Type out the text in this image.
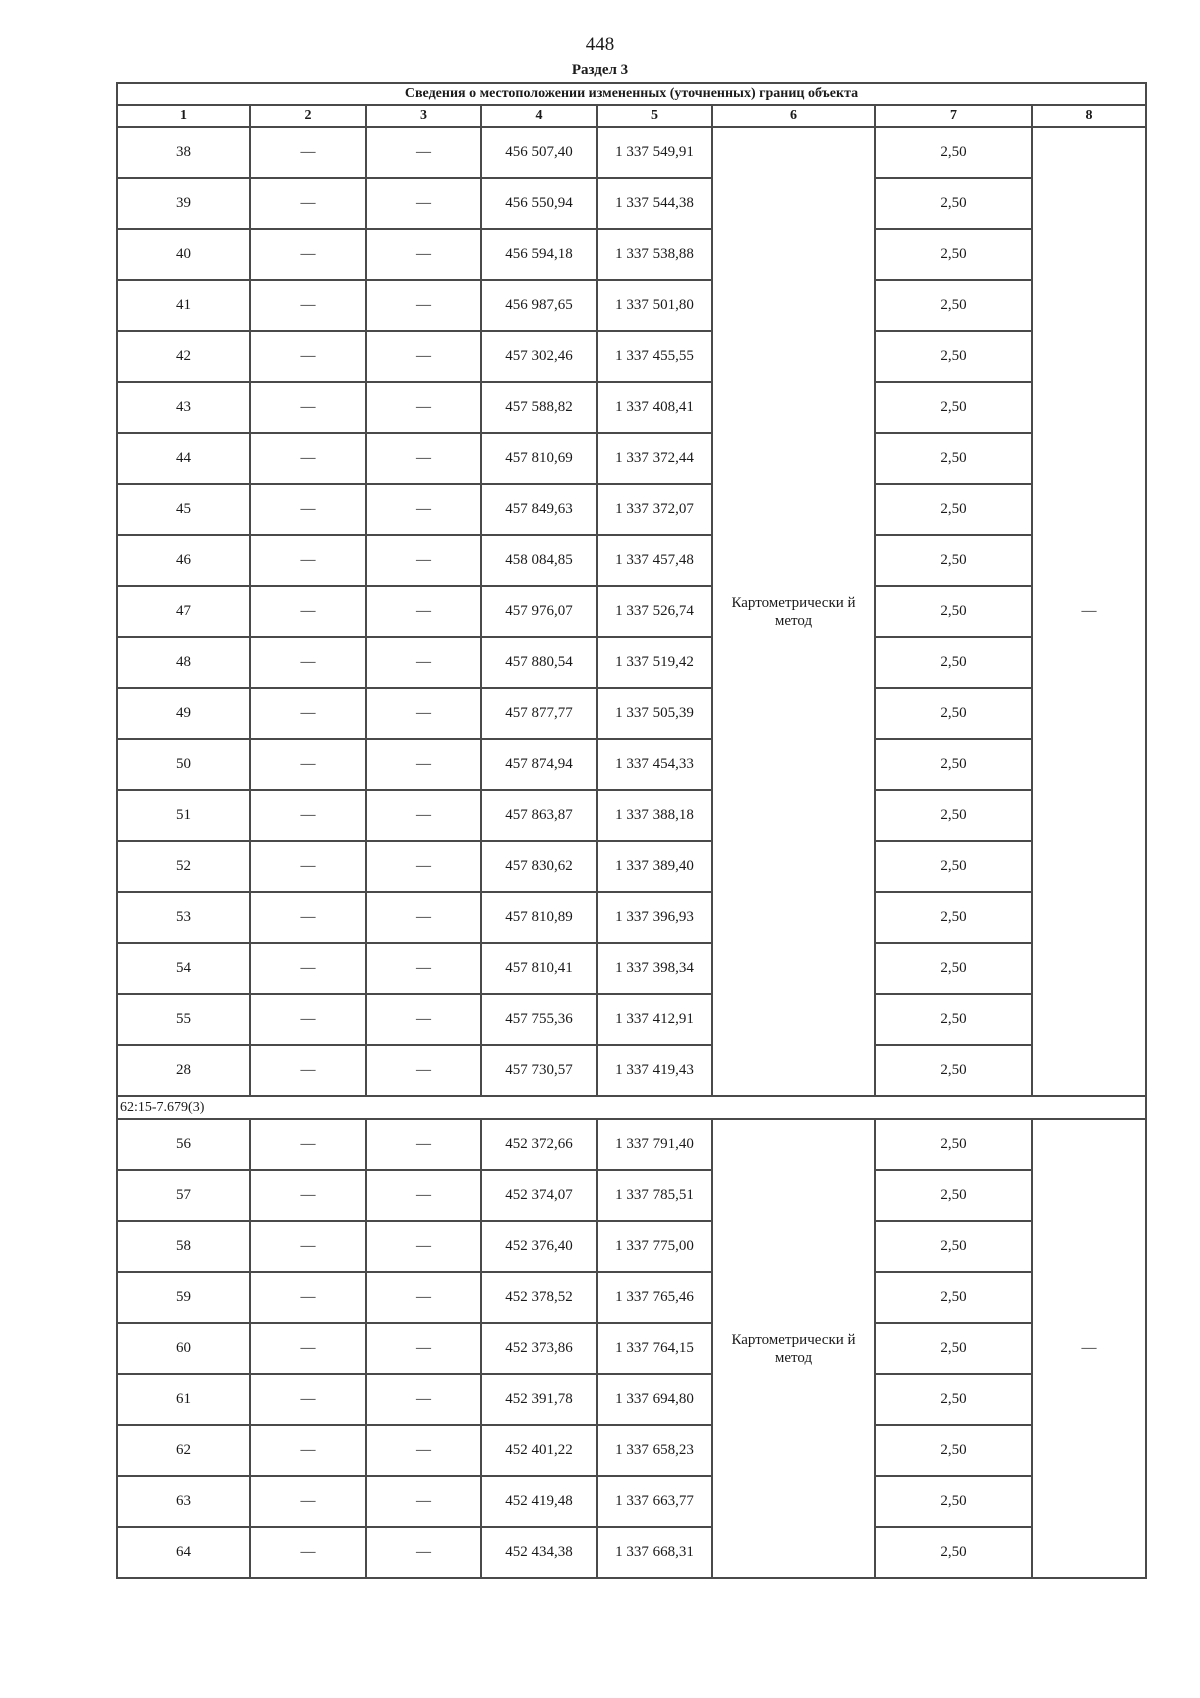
448
Раздел 3
Сведения о местоположении измененных (уточненных) границ объекта							
1	2	3	4	5	6	7	8
38	—	—	456 507,40	1 337 549,91	Картометрически й метод	2,50	—
39	—	—	456 550,94	1 337 544,38		2,50	
40	—	—	456 594,18	1 337 538,88		2,50	
41	—	—	456 987,65	1 337 501,80		2,50	
42	—	—	457 302,46	1 337 455,55		2,50	
43	—	—	457 588,82	1 337 408,41		2,50	
44	—	—	457 810,69	1 337 372,44		2,50	
45	—	—	457 849,63	1 337 372,07		2,50	
46	—	—	458 084,85	1 337 457,48		2,50	
47	—	—	457 976,07	1 337 526,74		2,50	
48	—	—	457 880,54	1 337 519,42		2,50	
49	—	—	457 877,77	1 337 505,39		2,50	
50	—	—	457 874,94	1 337 454,33		2,50	
51	—	—	457 863,87	1 337 388,18		2,50	
52	—	—	457 830,62	1 337 389,40		2,50	
53	—	—	457 810,89	1 337 396,93		2,50	
54	—	—	457 810,41	1 337 398,34		2,50	
55	—	—	457 755,36	1 337 412,91		2,50	
28	—	—	457 730,57	1 337 419,43		2,50	
62:15-7.679(3)							
56	—	—	452 372,66	1 337 791,40	Картометрически й метод	2,50	—
57	—	—	452 374,07	1 337 785,51		2,50	
58	—	—	452 376,40	1 337 775,00		2,50	
59	—	—	452 378,52	1 337 765,46		2,50	
60	—	—	452 373,86	1 337 764,15		2,50	
61	—	—	452 391,78	1 337 694,80		2,50	
62	—	—	452 401,22	1 337 658,23		2,50	
63	—	—	452 419,48	1 337 663,77		2,50	
64	—	—	452 434,38	1 337 668,31		2,50	
